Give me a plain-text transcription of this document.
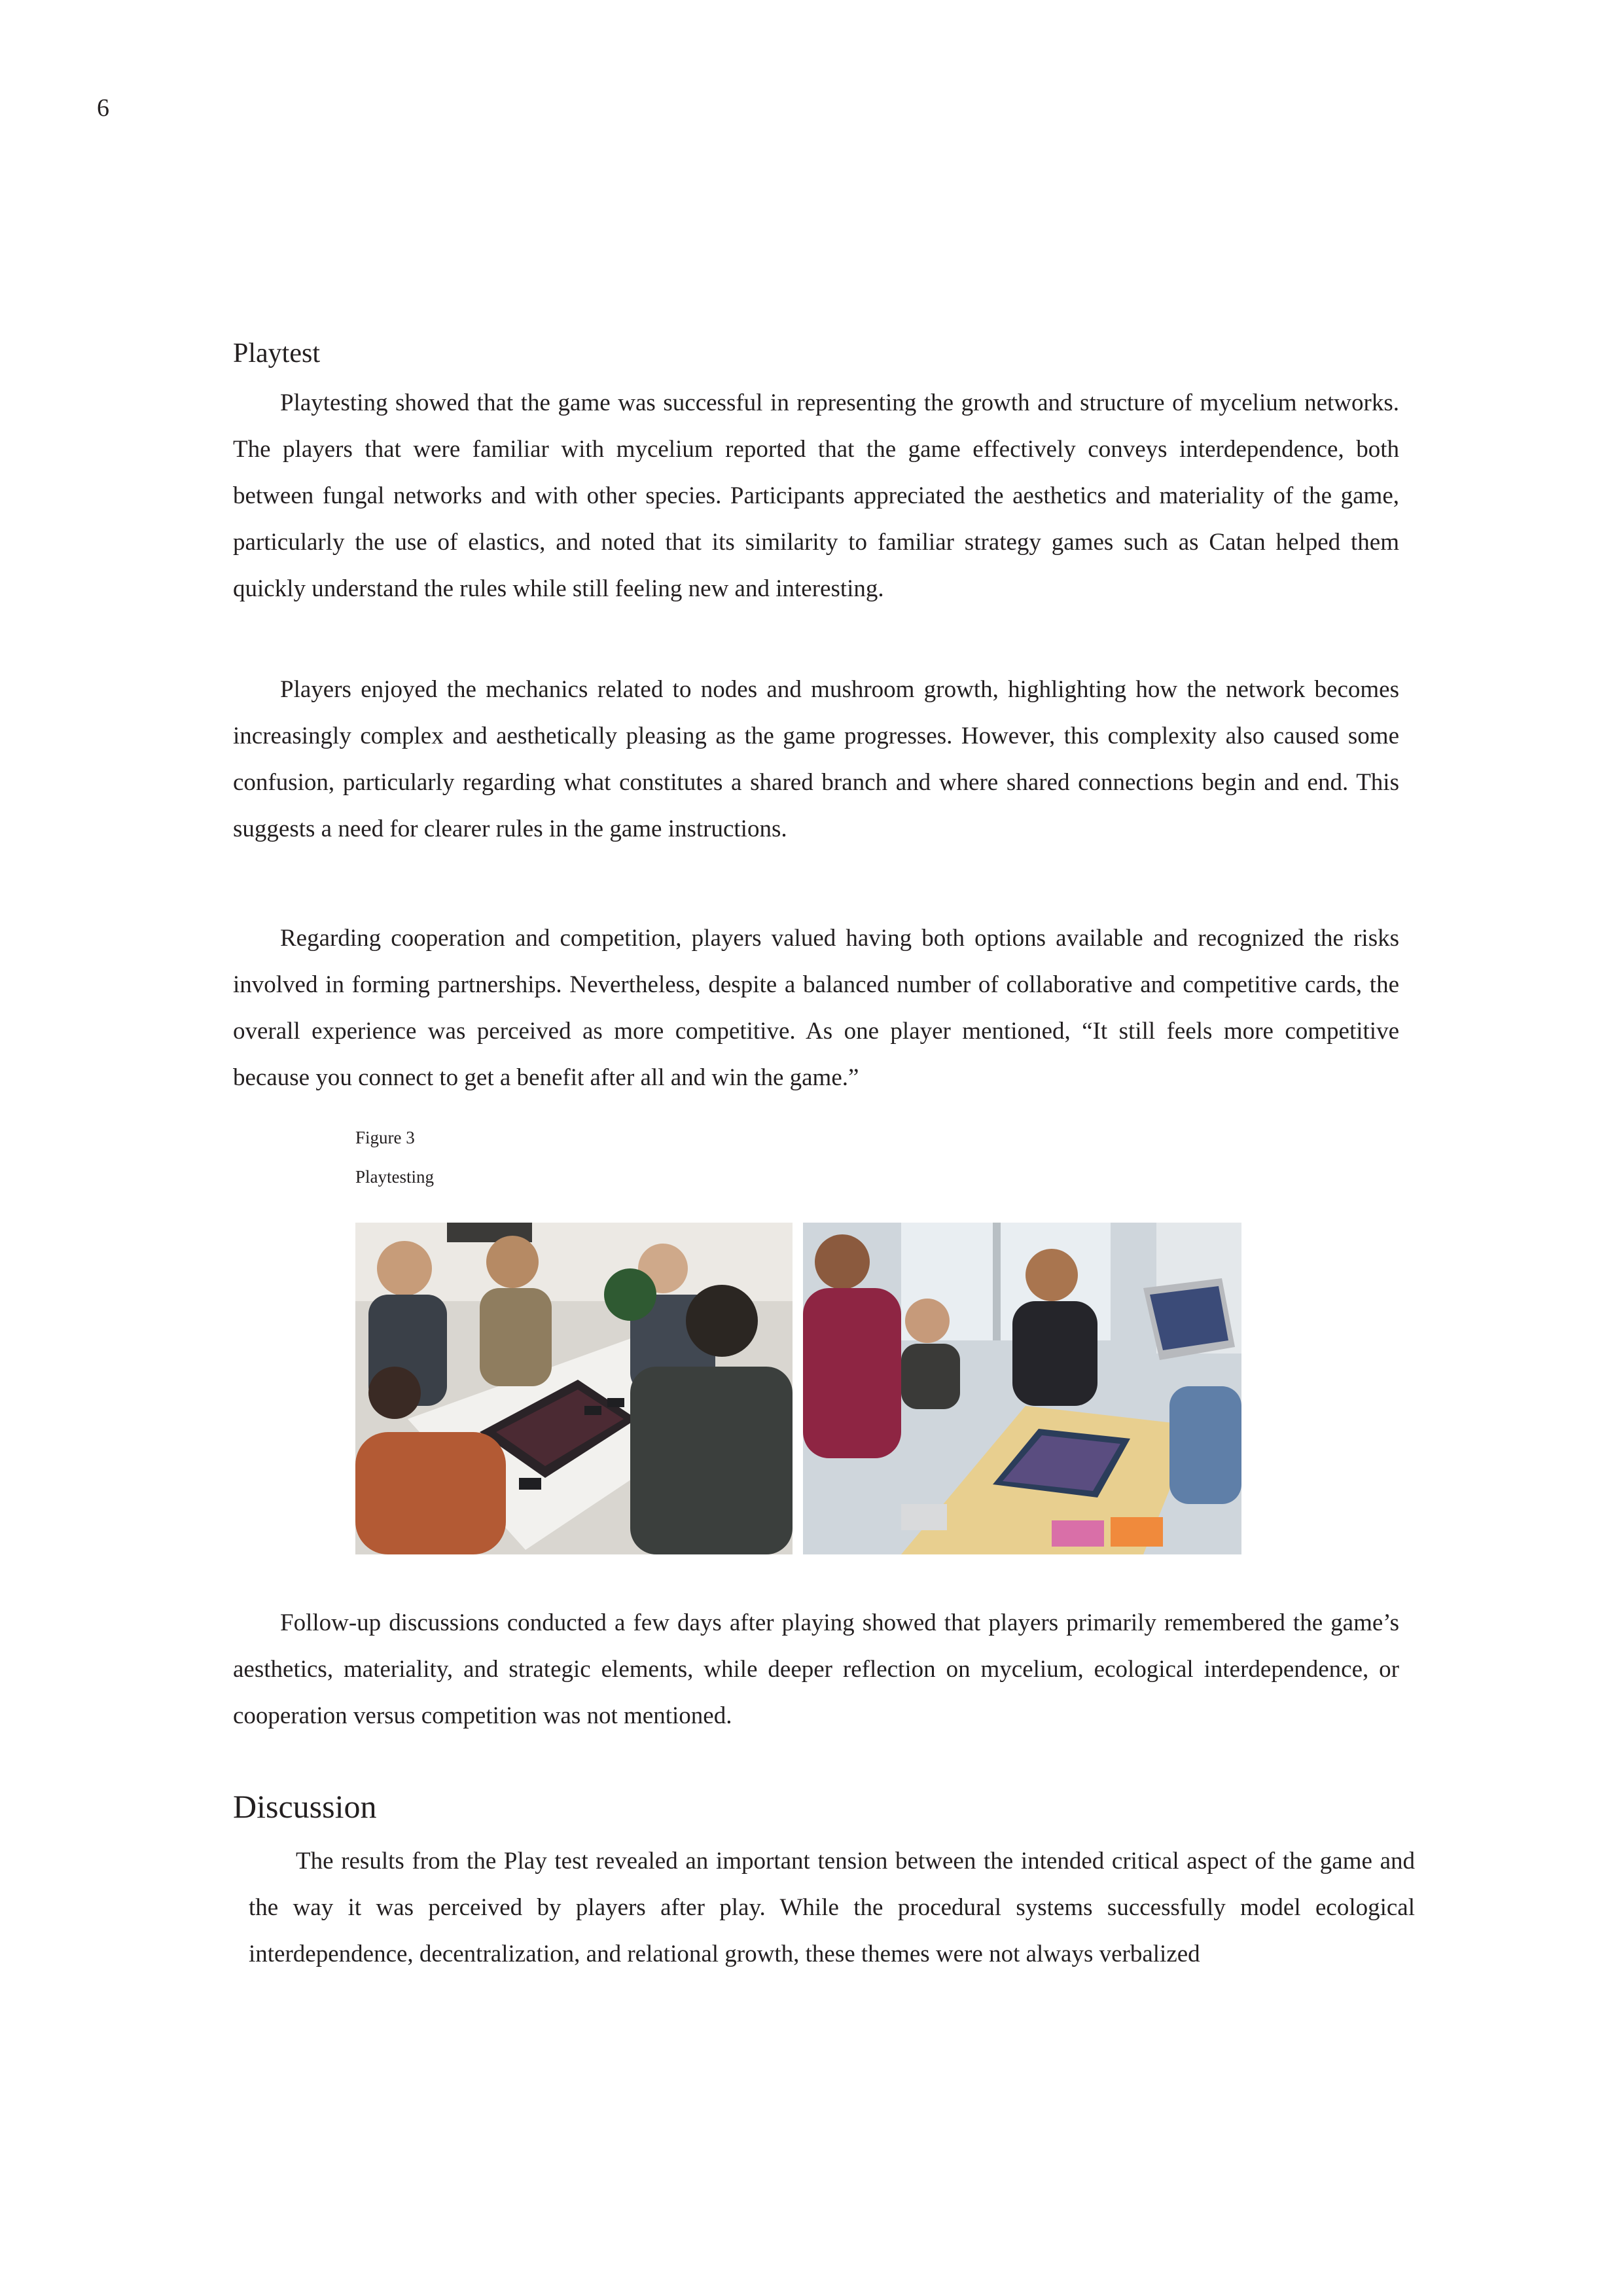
6
Playtest

Playtesting showed that the game was successful in representing the growth and structure of mycelium networks. The players that were familiar with mycelium reported that the game effectively conveys interdependence, both between fungal networks and with other species. Participants appreciated the aesthetics and materiality of the game, particularly the use of elastics, and noted that its similarity to familiar strategy games such as Catan helped them quickly understand the rules while still feeling new and interesting.

Players enjoyed the mechanics related to nodes and mushroom growth, highlighting how the network becomes increasingly complex and aesthetically pleasing as the game progresses. However, this complexity also caused some confusion, particularly regarding what constitutes a shared branch and where shared connections begin and end. This suggests a need for clearer rules in the game instructions.

Regarding cooperation and competition, players valued having both options available and recognized the risks involved in forming partnerships. Nevertheless, despite a balanced number of collaborative and competitive cards, the overall experience was perceived as more competitive. As one player mentioned, “It still feels more competitive because you connect to get a benefit after all and win the game.”

Figure 3
Playtesting

Follow-up discussions conducted a few days after playing showed that players primarily remembered the game’s aesthetics, materiality, and strategic elements, while deeper reflection on mycelium, ecological interdependence, or cooperation versus competition was not mentioned.

Discussion

The results from the Play test revealed an important tension between the intended critical aspect of the game and the way it was perceived by players after play. While the procedural systems successfully model ecological interdependence, decentralization, and relational growth, these themes were not always verbalized
